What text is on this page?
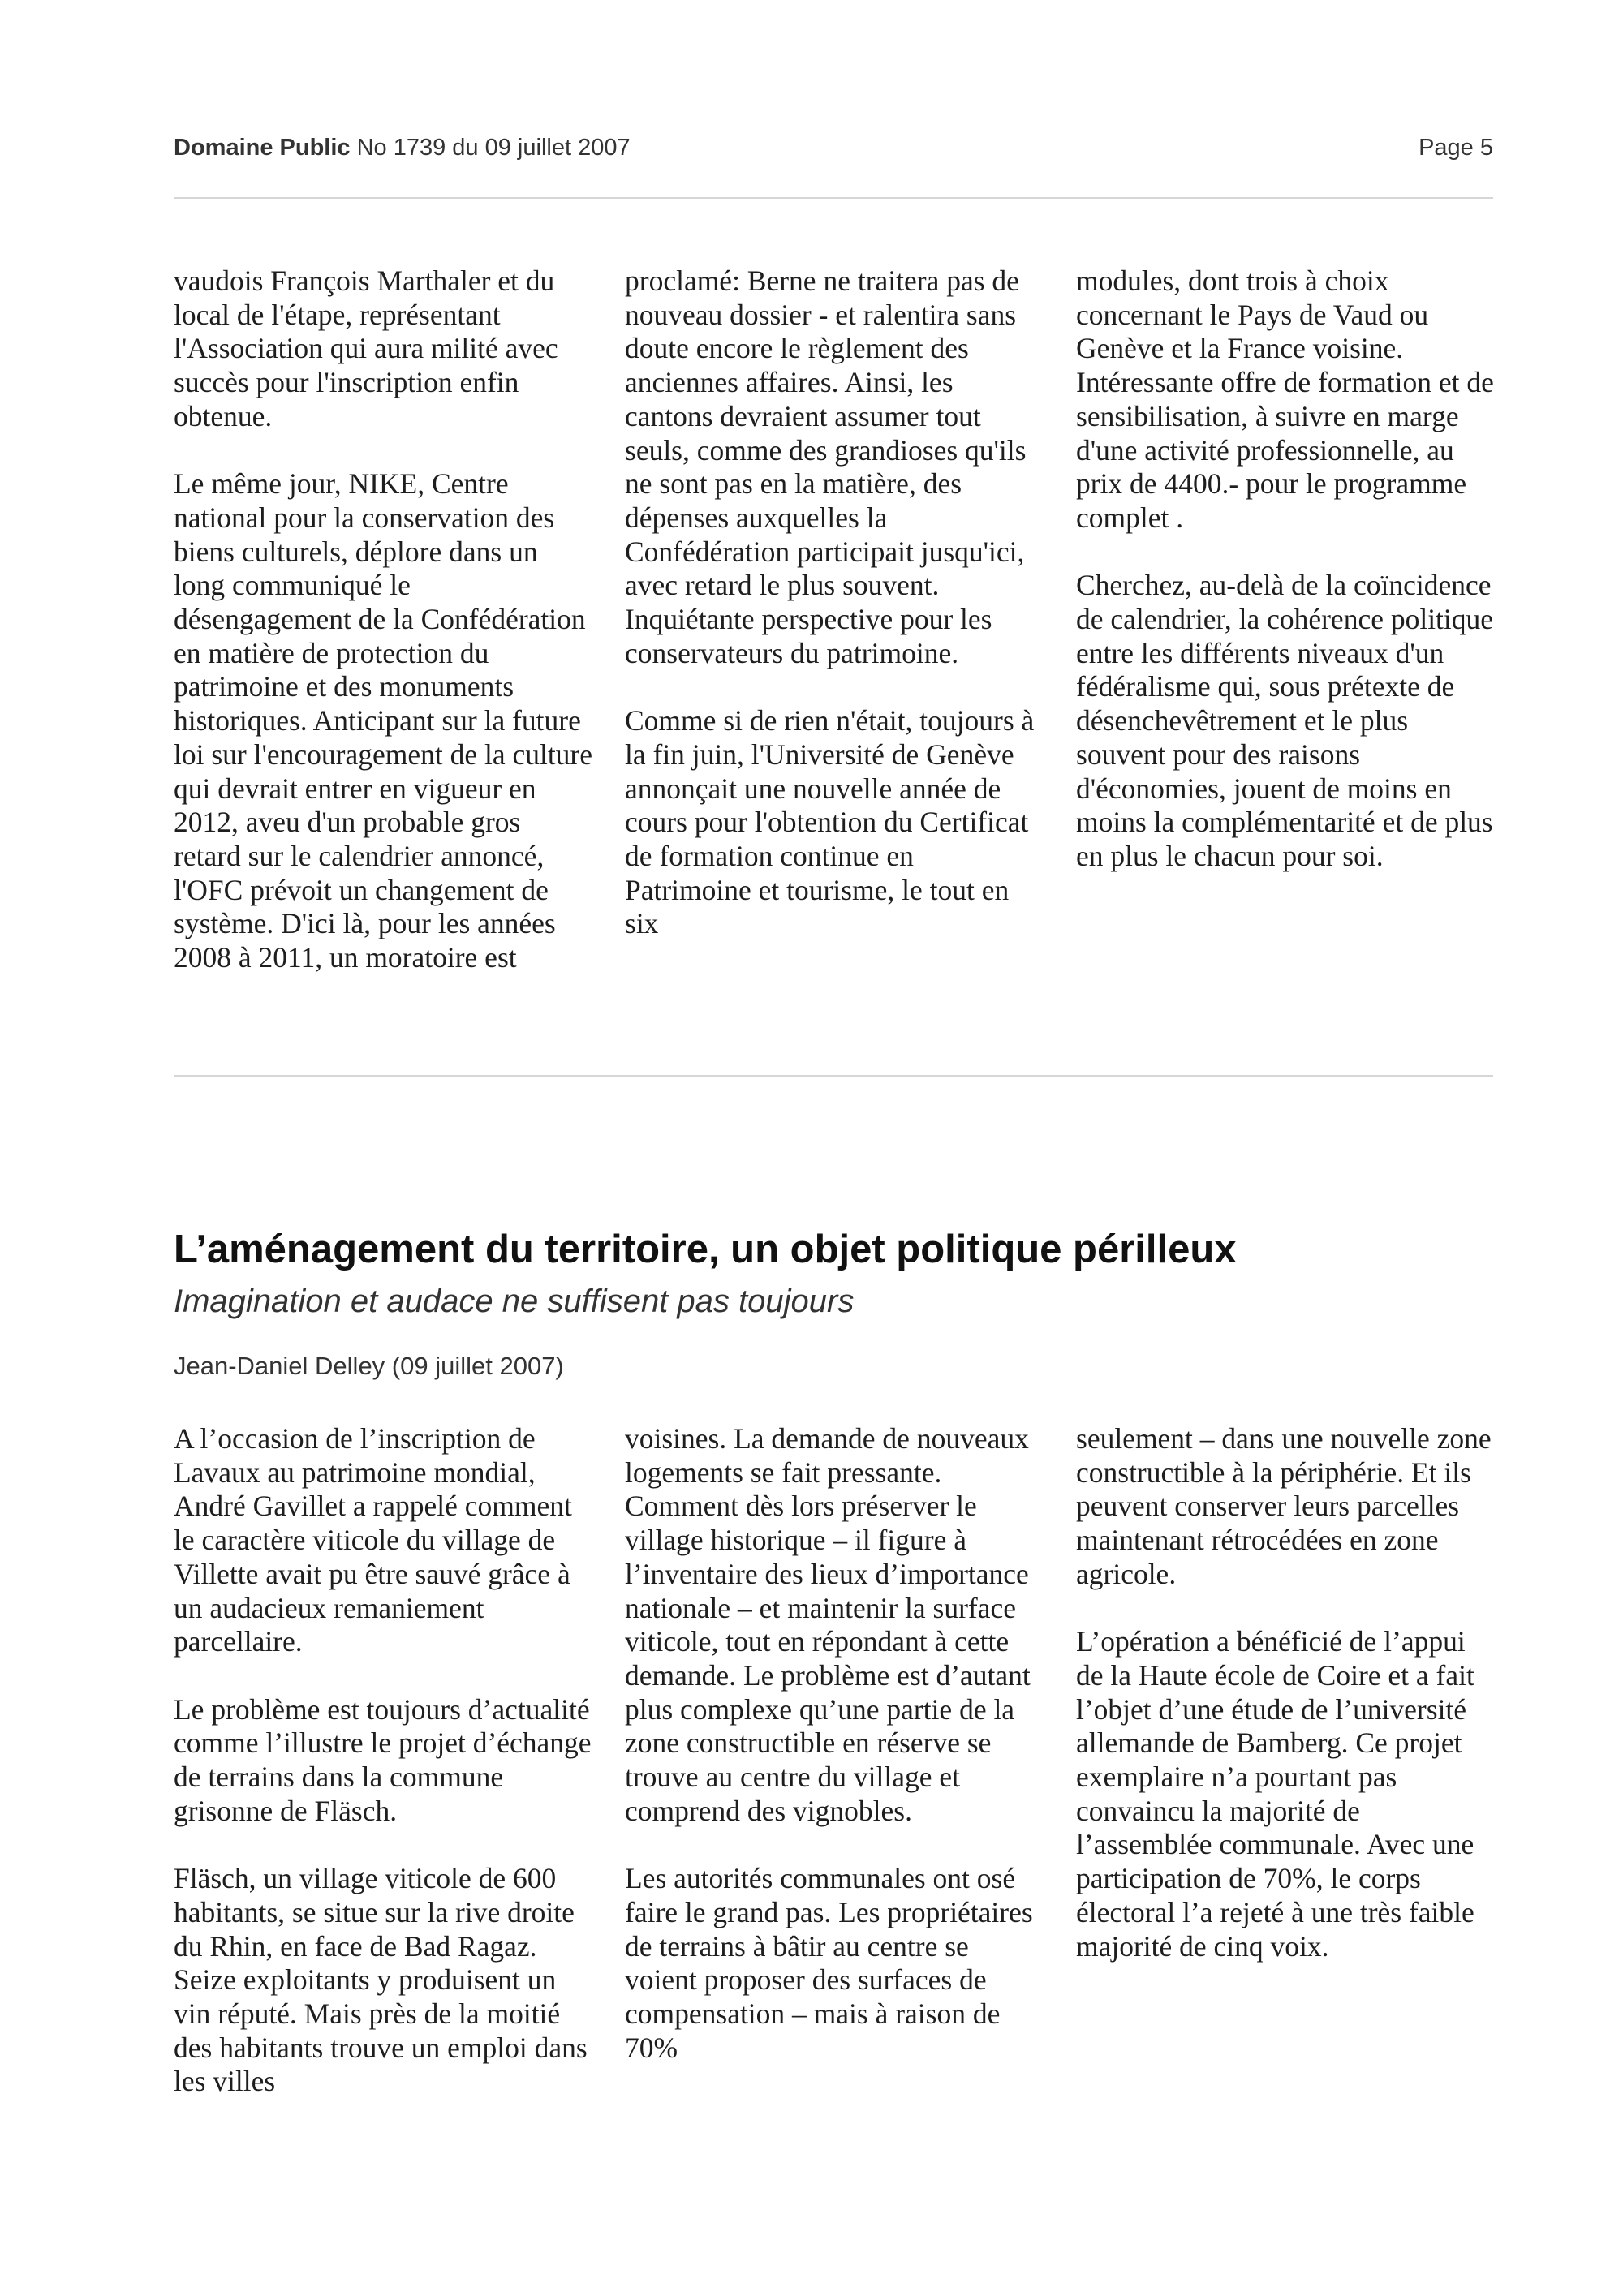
Domaine Public No 1739 du 09 juillet 2007	Page 5

vaudois François Marthaler et du local de l'étape, représentant l'Association qui aura milité avec succès pour l'inscription enfin obtenue.

Le même jour, NIKE, Centre national pour la conservation des biens culturels, déplore dans un long communiqué le désengagement de la Confédération en matière de protection du patrimoine et des monuments historiques. Anticipant sur la future loi sur l'encouragement de la culture qui devrait entrer en vigueur en 2012, aveu d'un probable gros retard sur le calendrier annoncé, l'OFC prévoit un changement de système. D'ici là, pour les années 2008 à 2011, un moratoire est

proclamé: Berne ne traitera pas de nouveau dossier - et ralentira sans doute encore le règlement des anciennes affaires. Ainsi, les cantons devraient assumer tout seuls, comme des grandioses qu'ils ne sont pas en la matière, des dépenses auxquelles la Confédération participait jusqu'ici, avec retard le plus souvent. Inquiétante perspective pour les conservateurs du patrimoine.

Comme si de rien n'était, toujours à la fin juin, l'Université de Genève annonçait une nouvelle année de cours pour l'obtention du Certificat de formation continue en Patrimoine et tourisme, le tout en six

modules, dont trois à choix concernant le Pays de Vaud ou Genève et la France voisine. Intéressante offre de formation et de sensibilisation, à suivre en marge d'une activité professionnelle, au prix de 4400.- pour le programme complet .

Cherchez, au-delà de la coïncidence de calendrier, la cohérence politique entre les différents niveaux d'un fédéralisme qui, sous prétexte de désenchevêtrement et le plus souvent pour des raisons d'économies, jouent de moins en moins la complémentarité et de plus en plus le chacun pour soi.

L’aménagement du territoire, un objet politique périlleux
Imagination et audace ne suffisent pas toujours
Jean-Daniel Delley (09 juillet 2007)

A l’occasion de l’inscription de Lavaux au patrimoine mondial, André Gavillet a rappelé comment le caractère viticole du village de Villette avait pu être sauvé grâce à un audacieux remaniement parcellaire.

Le problème est toujours d’actualité comme l’illustre le projet d’échange de terrains dans la commune grisonne de Fläsch.

Fläsch, un village viticole de 600 habitants, se situe sur la rive droite du Rhin, en face de Bad Ragaz. Seize exploitants y produisent un vin réputé. Mais près de la moitié des habitants trouve un emploi dans les villes

voisines. La demande de nouveaux logements se fait pressante. Comment dès lors préserver le village historique – il figure à l’inventaire des lieux d’importance nationale – et maintenir la surface viticole, tout en répondant à cette demande. Le problème est d’autant plus complexe qu’une partie de la zone constructible en réserve se trouve au centre du village et comprend des vignobles.

Les autorités communales ont osé faire le grand pas. Les propriétaires de terrains à bâtir au centre se voient proposer des surfaces de compensation – mais à raison de 70%

seulement – dans une nouvelle zone constructible à la périphérie. Et ils peuvent conserver leurs parcelles maintenant rétrocédées en zone agricole.

L’opération a bénéficié de l’appui de la Haute école de Coire et a fait l’objet d’une étude de l’université allemande de Bamberg. Ce projet exemplaire n’a pourtant pas convaincu la majorité de l’assemblée communale. Avec une participation de 70%, le corps électoral l’a rejeté à une très faible majorité de cinq voix.
